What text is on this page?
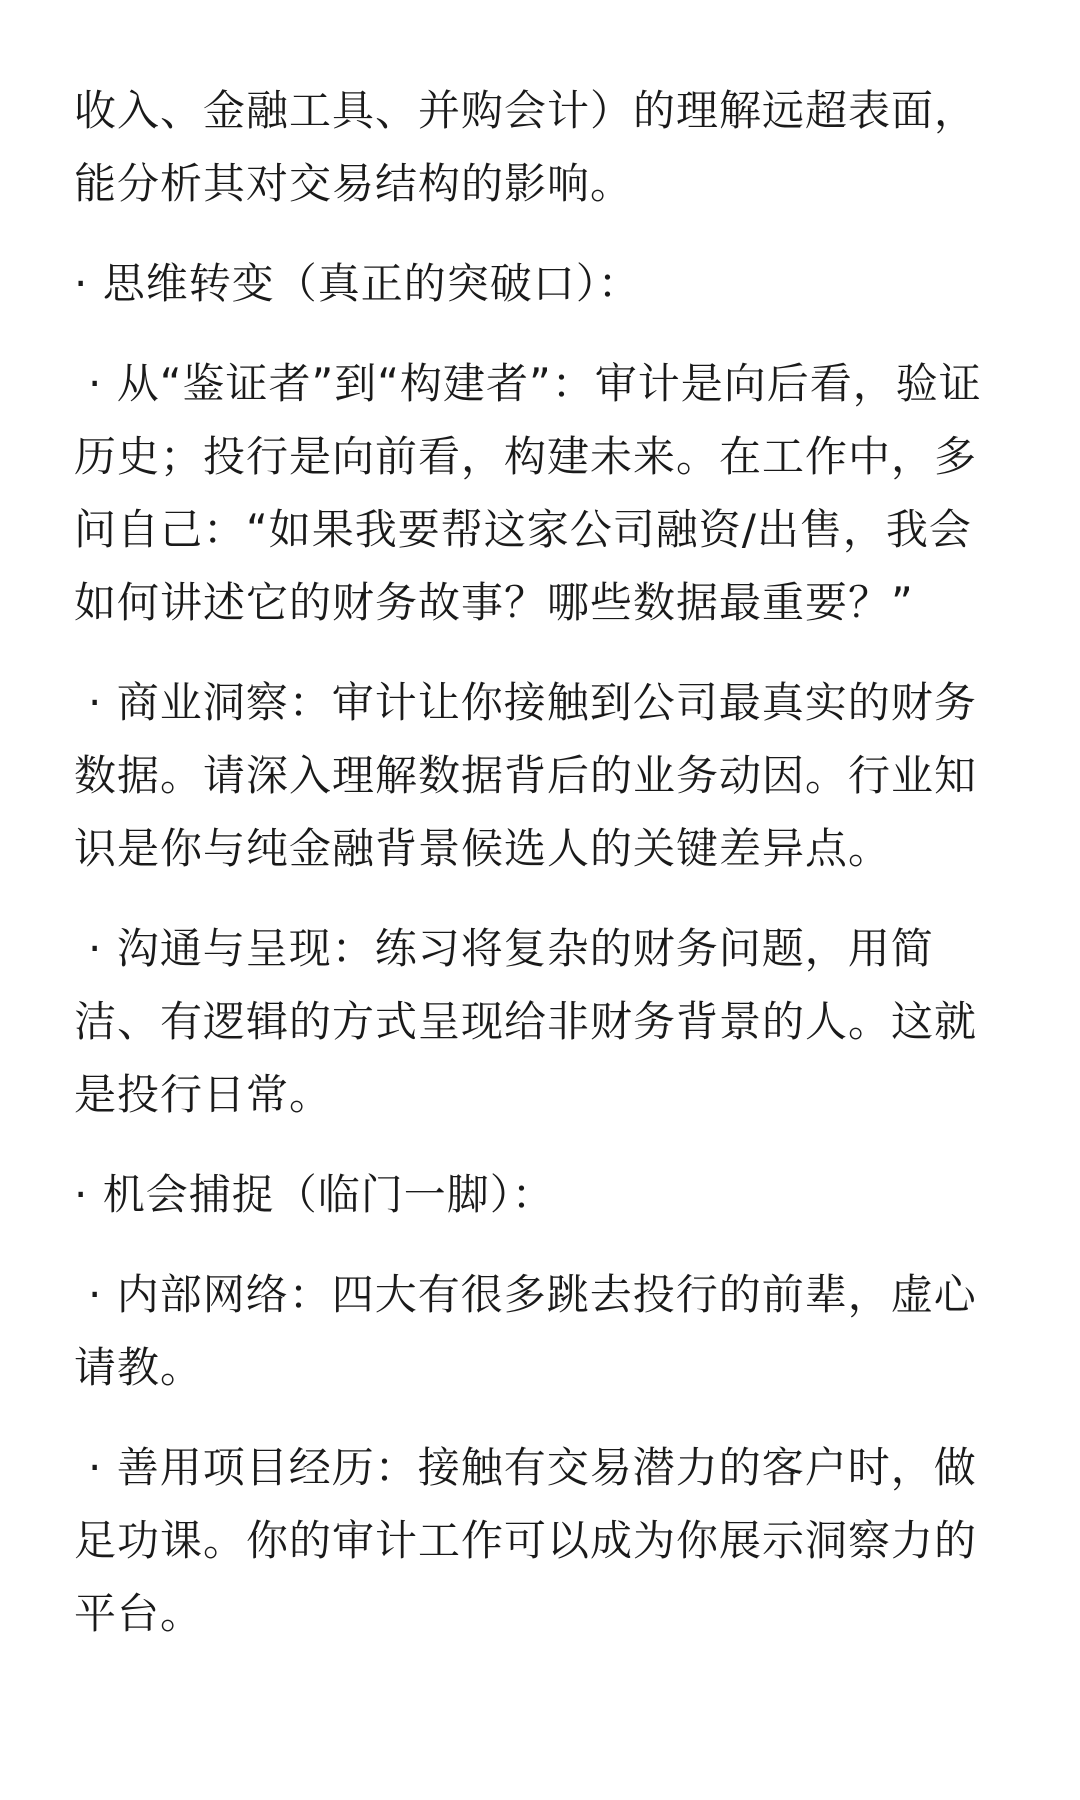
收入、金融工具、并购会计）的理解远超表面，能分析其对交易结构的影响。

· 思维转变（真正的突破口）：

· 从“鉴证者”到“构建者”：审计是向后看，验证历史；投行是向前看，构建未来。在工作中，多问自己：“如果我要帮这家公司融资/出售，我会如何讲述它的财务故事？哪些数据最重要？”

· 商业洞察：审计让你接触到公司最真实的财务数据。请深入理解数据背后的业务动因。行业知识是你与纯金融背景候选人的关键差异点。

· 沟通与呈现：练习将复杂的财务问题，用简洁、有逻辑的方式呈现给非财务背景的人。这就是投行日常。

· 机会捕捉（临门一脚）：

· 内部网络：四大有很多跳去投行的前辈，虚心请教。

· 善用项目经历：接触有交易潜力的客户时，做足功课。你的审计工作可以成为你展示洞察力的平台。
